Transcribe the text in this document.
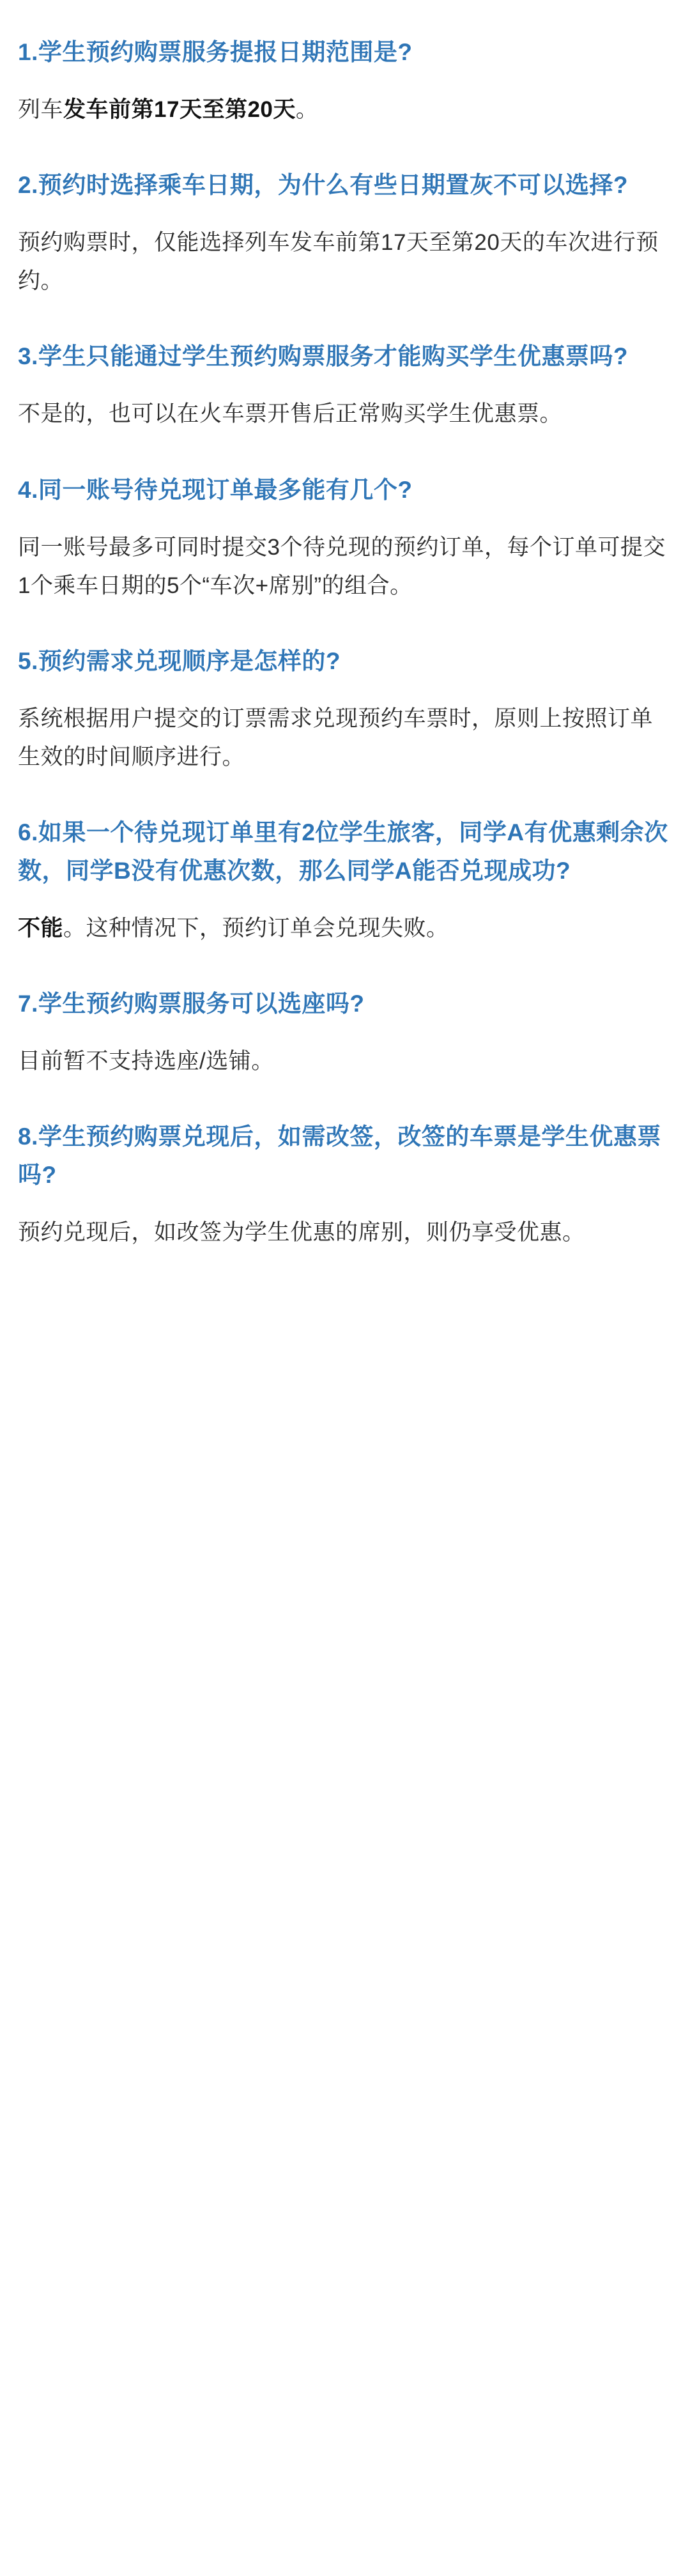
1.学生预约购票服务提报日期范围是?

列车发车前第17天至第20天。

2.预约时选择乘车日期，为什么有些日期置灰不可以选择?

预约购票时，仅能选择列车发车前第17天至第20天的车次进行预约。

3.学生只能通过学生预约购票服务才能购买学生优惠票吗?

不是的，也可以在火车票开售后正常购买学生优惠票。

4.同一账号待兑现订单最多能有几个?

同一账号最多可同时提交3个待兑现的预约订单，每个订单可提交1个乘车日期的5个“车次+席别”的组合。

5.预约需求兑现顺序是怎样的?

系统根据用户提交的订票需求兑现预约车票时，原则上按照订单生效的时间顺序进行。

6.如果一个待兑现订单里有2位学生旅客，同学A有优惠剩余次数，同学B没有优惠次数，那么同学A能否兑现成功?

不能。这种情况下，预约订单会兑现失败。

7.学生预约购票服务可以选座吗?

目前暂不支持选座/选铺。

8.学生预约购票兑现后，如需改签，改签的车票是学生优惠票吗?

预约兑现后，如改签为学生优惠的席别，则仍享受优惠。
